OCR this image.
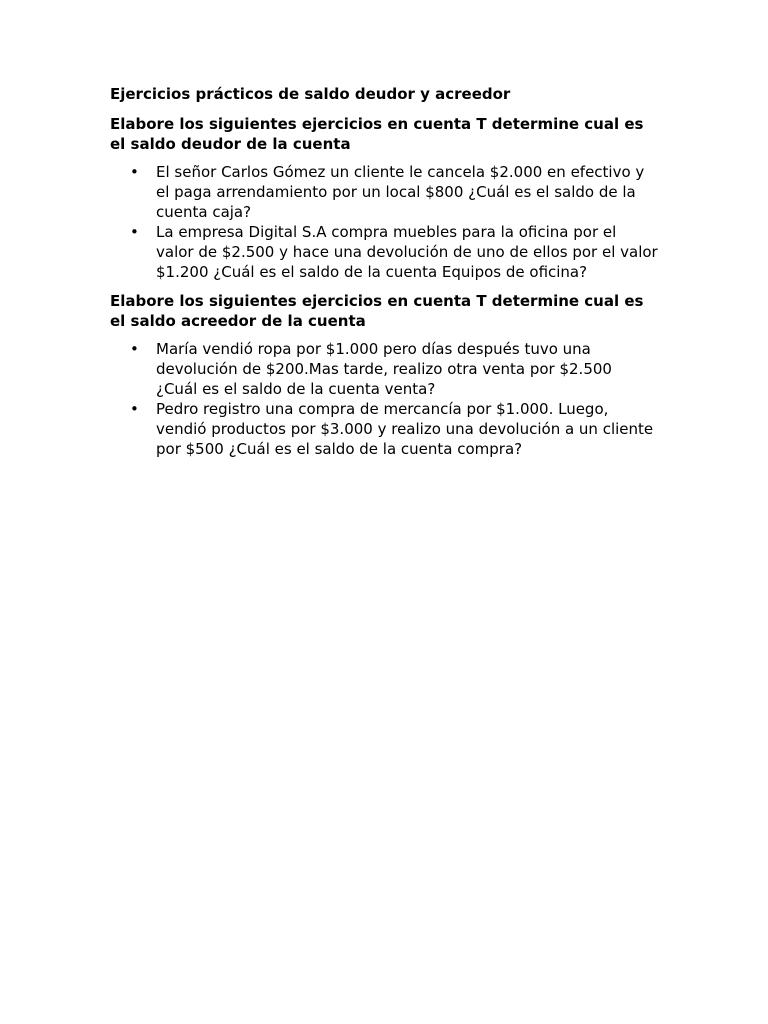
Ejercicios prácticos de saldo deudor y acreedor
Elabore los siguientes ejercicios en cuenta T determine cual es el saldo deudor de la cuenta
• El señor Carlos Gómez un cliente le cancela $2.000 en efectivo y el paga arrendamiento por un local $800 ¿Cuál es el saldo de la cuenta caja?
• La empresa Digital S.A compra muebles para la oficina por el valor de $2.500 y hace una devolución de uno de ellos por el valor $1.200 ¿Cuál es el saldo de la cuenta Equipos de oficina?
Elabore los siguientes ejercicios en cuenta T determine cual es el saldo acreedor de la cuenta
• María vendió ropa por $1.000 pero días después tuvo una devolución de $200.Mas tarde, realizo otra venta por $2.500 ¿Cuál es el saldo de la cuenta venta?
• Pedro registro una compra de mercancía por $1.000. Luego, vendió productos por $3.000 y realizo una devolución a un cliente por $500 ¿Cuál es el saldo de la cuenta compra?
